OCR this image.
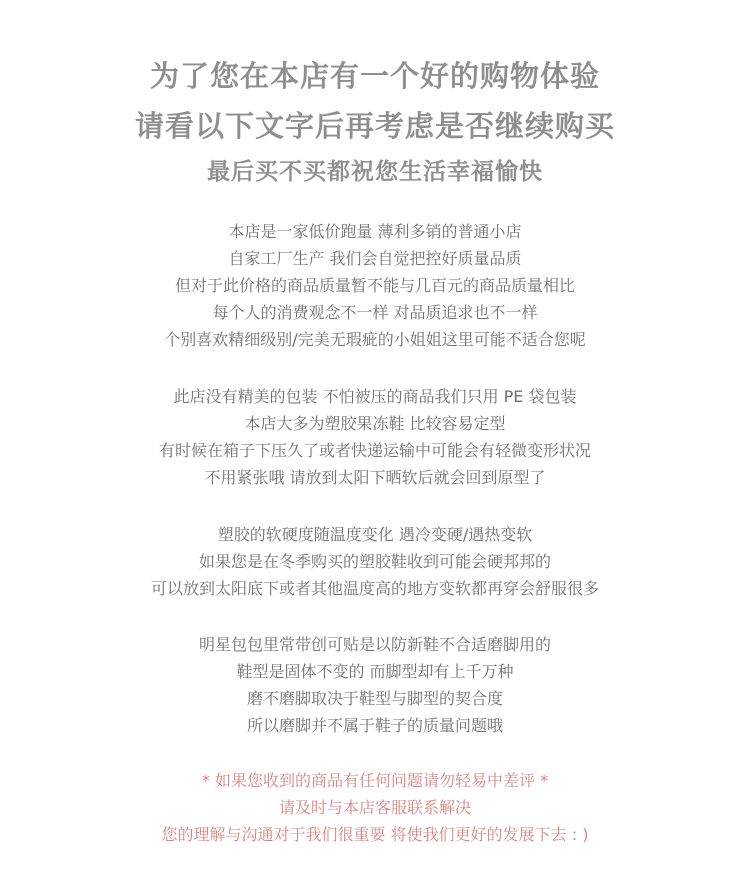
为了您在本店有一个好的购物体验
请看以下文字后再考虑是否继续购买
最后买不买都祝您生活幸福愉快
本店是一家低价跑量 薄利多销的普通小店
自家工厂生产 我们会自觉把控好质量品质
但对于此价格的商品质量暂不能与几百元的商品质量相比
每个人的消费观念不一样 对品质追求也不一样
个别喜欢精细级别/完美无瑕疵的小姐姐这里可能不适合您呢
此店没有精美的包装 不怕被压的商品我们只用 PE 袋包装
本店大多为塑胶果冻鞋 比较容易定型
有时候在箱子下压久了或者快递运输中可能会有轻微变形状况
不用紧张哦 请放到太阳下晒软后就会回到原型了
塑胶的软硬度随温度变化 遇冷变硬/遇热变软
如果您是在冬季购买的塑胶鞋收到可能会硬邦邦的
可以放到太阳底下或者其他温度高的地方变软都再穿会舒服很多
明星包包里常带创可贴是以防新鞋不合适磨脚用的
鞋型是固体不变的 而脚型却有上千万种
磨不磨脚取决于鞋型与脚型的契合度
所以磨脚并不属于鞋子的质量问题哦
* 如果您收到的商品有任何问题请勿轻易中差评 *
请及时与本店客服联系解决
您的理解与沟通对于我们很重要 将使我们更好的发展下去 : )
